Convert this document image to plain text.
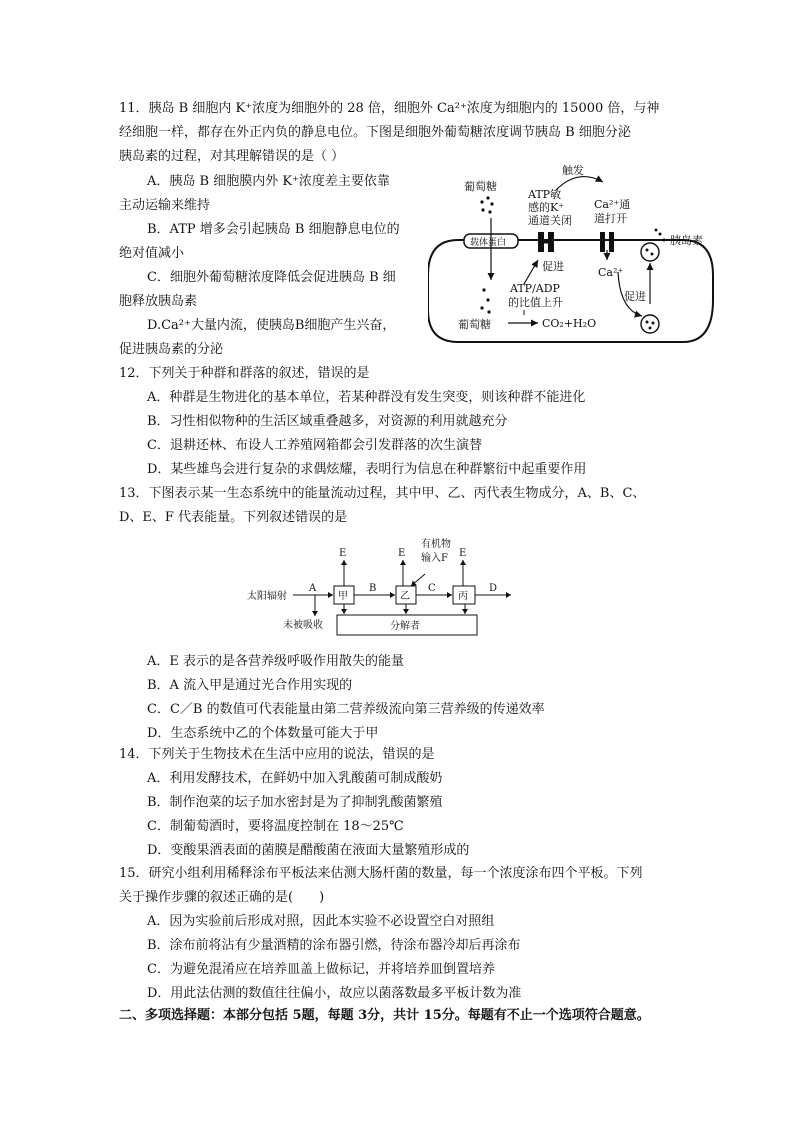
11．胰岛 B 细胞内 K⁺浓度为细胞外的 28 倍，细胞外 Ca²⁺浓度为细胞内的 15000 倍，与神
经细胞一样，都存在外正内负的静息电位。下图是细胞外葡萄糖浓度调节胰岛 B 细胞分泌
胰岛素的过程，对其理解错误的是（ ）
A．胰岛 B 细胞膜内外 K⁺浓度差主要依靠
主动运输来维持
B．ATP 增多会引起胰岛 B 细胞静息电位的
绝对值减小
C．细胞外葡萄糖浓度降低会促进胰岛 B 细
胞释放胰岛素
D.Ca²⁺大量内流，使胰岛B细胞产生兴奋，
促进胰岛素的分泌
葡萄糖
载体蛋白
葡萄糖	CO₂+H₂O
ATP/ADP
的比值上升
ATP敏
感的K⁺
通道关闭
促进
触发
Ca²⁺通
道打开
Ca²⁺
胰岛素
促进
12．下列关于种群和群落的叙述，错误的是
A．种群是生物进化的基本单位，若某种群没有发生突变，则该种群不能进化
B．习性相似物种的生活区域重叠越多，对资源的利用就越充分
C．退耕还林、布设人工养殖网箱都会引发群落的次生演替
D．某些雄鸟会进行复杂的求偶炫耀，表明行为信息在种群繁衍中起重要作用
13．下图表示某一生态系统中的能量流动过程，其中甲、乙、丙代表生物成分，A、B、C、
D、E、F 代表能量。下列叙述错误的是
太阳辐射
A
未被吸收
甲
E
B
乙
E
有机物
输入F
C
丙
E
D
分解者
A．E 表示的是各营养级呼吸作用散失的能量
B．A 流入甲是通过光合作用实现的
C．C／B 的数值可代表能量由第二营养级流向第三营养级的传递效率
D．生态系统中乙的个体数量可能大于甲
14．下列关于生物技术在生活中应用的说法，错误的是
A．利用发酵技术，在鲜奶中加入乳酸菌可制成酸奶
B．制作泡菜的坛子加水密封是为了抑制乳酸菌繁殖
C．制葡萄酒时，要将温度控制在 18～25℃
D．变酸果酒表面的菌膜是醋酸菌在液面大量繁殖形成的
15．研究小组利用稀释涂布平板法来估测大肠杆菌的数量，每一个浓度涂布四个平板。下列
关于操作步骤的叙述正确的是(　　)
A．因为实验前后形成对照，因此本实验不必设置空白对照组
B．涂布前将沾有少量酒精的涂布器引燃，待涂布器冷却后再涂布
C．为避免混淆应在培养皿盖上做标记，并将培养皿倒置培养
D．用此法估测的数值往往偏小，故应以菌落数最多平板计数为准
二、多项选择题：本部分包括 5题，每题 3分，共计 15分。每题有不止一个选项符合题意。
